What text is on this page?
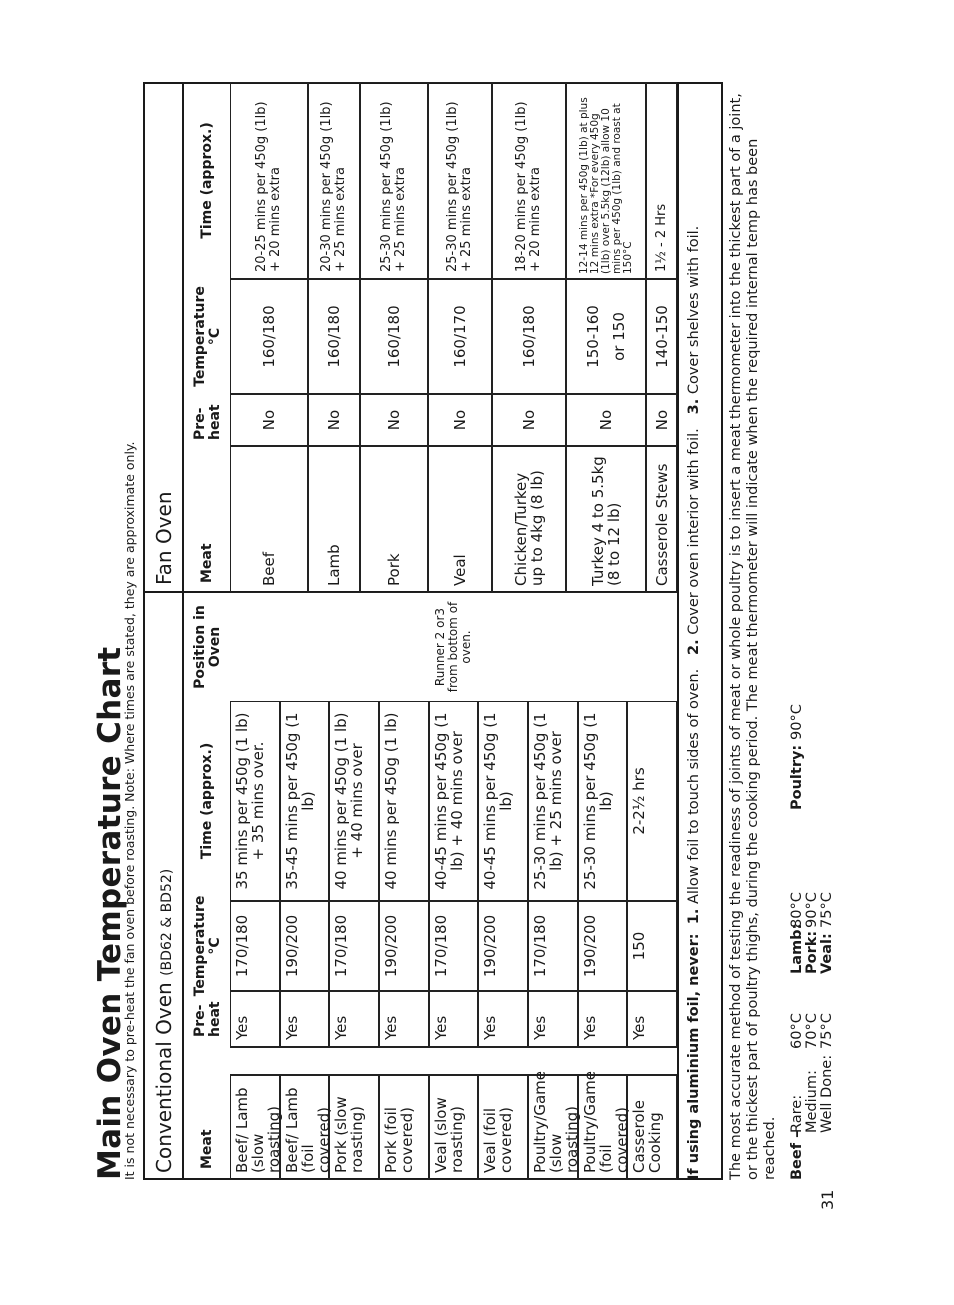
Main Oven Temperature Chart
It is not necessary to pre-heat the fan oven before roasting. Note: Where times are stated, they are approximate only. Conventional Oven (BD62 & BD52)
Fan Oven
Meat
Pre-heat
Temperature °C
Time (approx.)
Position in Oven
Beef/ Lamb (slow roasting)
Yes
170/180
35 mins per 450g (1 lb) + 35 mins over.
Beef/ Lamb (foil covered)
Yes
190/200
35-45 mins per 450g (1 lb)
Pork (slow roasting)
Yes
170/180
40 mins per 450g (1 lb) + 40 mins over
Pork (foil covered)
Yes
190/200
40 mins per 450g (1 lb)
Veal (slow roasting)
Yes
170/180
40-45 mins per 450g (1 lb) + 40 mins over
Veal (foil covered)
Yes
190/200
40-45 mins per 450g (1 lb)
Poultry/Game (slow roasting)
Yes
170/180
25-30 mins per 450g (1 lb) + 25 mins over
Poultry/Game (foil covered)
Yes
190/200
25-30 mins per 450g (1 lb)
Casserole Cooking
Yes
150
2-2½ hrs
Runner 2 or3 from bottom of oven.
Meat
Pre-heat
Temperature °C
Time (approx.)
Beef
No
160/180
20-25 mins per 450g (1lb) + 20 mins extra
Lamb
No
160/180
20-30 mins per 450g (1lb) + 25 mins extra
Pork
No
160/180
25-30 mins per 450g (1lb) + 25 mins extra
Veal
No
160/170
25-30 mins per 450g (1lb) + 25 mins extra
Chicken/Turkey up to 4kg (8 lb)
No
160/180
18-20 mins per 450g (1lb) + 20 mins extra
Turkey 4 to 5.5kg (8 to 12 lb)
No
150-160 or 150
12-14 mins per 450g (1lb) at plus 12 mins extra *For every 450g (1lb) over 5.5kg (12lb) allow 10 mins per 450g (1lb) and roast at 150°C
Casserole Stews
No
140-150
1½ - 2 Hrs
If using aluminium foil, never:  1. Allow foil to touch sides of oven.   2. Cover oven interior with foil.   3. Cover shelves with foil. The most accurate method of testing the readiness of joints of meat or whole poultry is to insert a meat thermometer into the thickest part of a joint, or the thickest part of poultry thighs, during the cooking period. The meat thermometer will indicate when the required internal temp has been reached. Beef –
Rare:
60°C
Medium:
70°C
Well Done:
75°C
Lamb:
80°C
Pork:
90°C
Veal:
75°C
Poultry:
90°C
31
